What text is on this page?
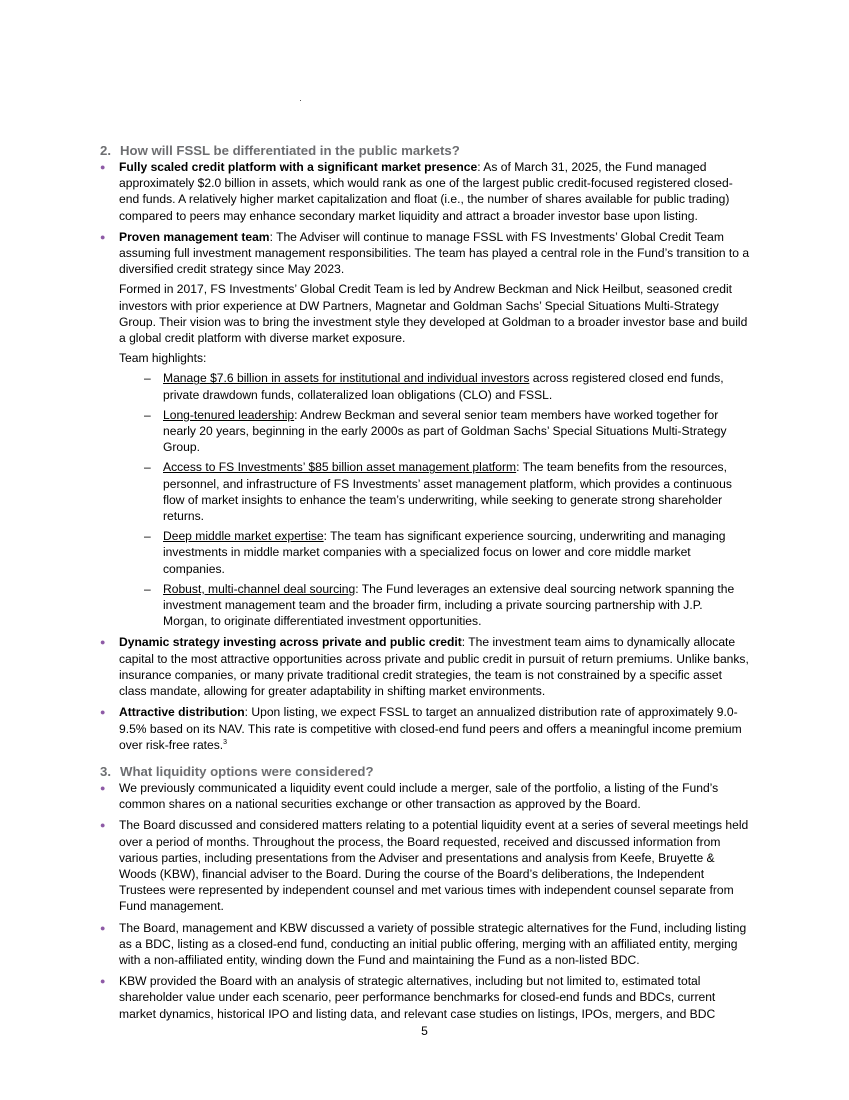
2. How will FSSL be differentiated in the public markets?
● Fully scaled credit platform with a significant market presence: As of March 31, 2025, the Fund managed approximately $2.0 billion in assets, which would rank as one of the largest public credit-focused registered closed-end funds. A relatively higher market capitalization and float (i.e., the number of shares available for public trading) compared to peers may enhance secondary market liquidity and attract a broader investor base upon listing.

● Proven management team: The Adviser will continue to manage FSSL with FS Investments’ Global Credit Team assuming full investment management responsibilities. The team has played a central role in the Fund’s transition to a diversified credit strategy since May 2023.

Formed in 2017, FS Investments’ Global Credit Team is led by Andrew Beckman and Nick Heilbut, seasoned credit investors with prior experience at DW Partners, Magnetar and Goldman Sachs’ Special Situations Multi-Strategy Group. Their vision was to bring the investment style they developed at Goldman to a broader investor base and build a global credit platform with diverse market exposure.

Team highlights:

– Manage $7.6 billion in assets for institutional and individual investors across registered closed end funds, private drawdown funds, collateralized loan obligations (CLO) and FSSL.
– Long-tenured leadership: Andrew Beckman and several senior team members have worked together for nearly 20 years, beginning in the early 2000s as part of Goldman Sachs’ Special Situations Multi-Strategy Group.
– Access to FS Investments’ $85 billion asset management platform: The team benefits from the resources, personnel, and infrastructure of FS Investments’ asset management platform, which provides a continuous flow of market insights to enhance the team’s underwriting, while seeking to generate strong shareholder returns.
– Deep middle market expertise: The team has significant experience sourcing, underwriting and managing investments in middle market companies with a specialized focus on lower and core middle market companies.
– Robust, multi-channel deal sourcing: The Fund leverages an extensive deal sourcing network spanning the investment management team and the broader firm, including a private sourcing partnership with J.P. Morgan, to originate differentiated investment opportunities.
● Dynamic strategy investing across private and public credit: The investment team aims to dynamically allocate capital to the most attractive opportunities across private and public credit in pursuit of return premiums. Unlike banks, insurance companies, or many private traditional credit strategies, the team is not constrained by a specific asset class mandate, allowing for greater adaptability in shifting market environments.

● Attractive distribution: Upon listing, we expect FSSL to target an annualized distribution rate of approximately 9.0-9.5% based on its NAV. This rate is competitive with closed-end fund peers and offers a meaningful income premium over risk-free rates.$^3$

3. What liquidity options were considered?
● We previously communicated a liquidity event could include a merger, sale of the portfolio, a listing of the Fund’s common shares on a national securities exchange or other transaction as approved by the Board.

● The Board discussed and considered matters relating to a potential liquidity event at a series of several meetings held over a period of months. Throughout the process, the Board requested, received and discussed information from various parties, including presentations from the Adviser and presentations and analysis from Keefe, Bruyette & Woods (KBW), financial adviser to the Board. During the course of the Board’s deliberations, the Independent Trustees were represented by independent counsel and met various times with independent counsel separate from Fund management.

● The Board, management and KBW discussed a variety of possible strategic alternatives for the Fund, including listing as a BDC, listing as a closed-end fund, conducting an initial public offering, merging with an affiliated entity, merging with a non-affiliated entity, winding down the Fund and maintaining the Fund as a non-listed BDC.

● KBW provided the Board with an analysis of strategic alternatives, including but not limited to, estimated total shareholder value under each scenario, peer performance benchmarks for closed-end funds and BDCs, current market dynamics, historical IPO and listing data, and relevant case studies on listings, IPOs, mergers, and BDC

5
